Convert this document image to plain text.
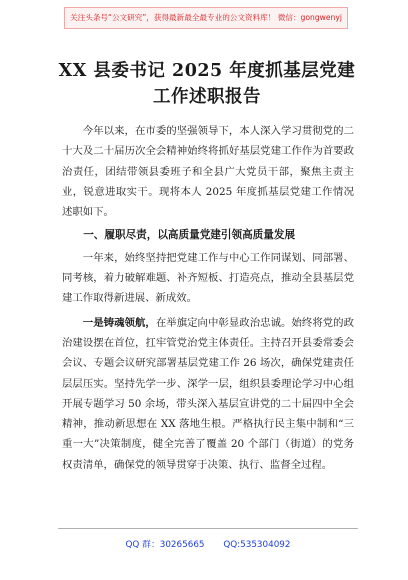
关注头条号“公文研究”，获得最新最全最专业的公文资料库！ 微信：gongwenyj
XX 县委书记 2025 年度抓基层党建工作述职报告

今年以来，在市委的坚强领导下，本人深入学习贯彻党的二十大及二十届历次全会精神始终将抓好基层党建工作作为首要政治责任，团结带领县委班子和全县广大党员干部，聚焦主责主业，锐意进取实干。现将本人 2025 年度抓基层党建工作情况述职如下。

一、履职尽责，以高质量党建引领高质量发展

一年来，始终坚持把党建工作与中心工作同谋划、同部署、同考核，着力破解难题、补齐短板、打造亮点，推动全县基层党建工作取得新进展、新成效。

一是铸魂领航，在举旗定向中彰显政治忠诚。始终将党的政治建设摆在首位，扛牢管党治党主体责任。主持召开县委常委会会议、专题会议研究部署基层党建工作 26 场次，确保党建责任层层压实。坚持先学一步、深学一层，组织县委理论学习中心组开展专题学习 50 余场，带头深入基层宣讲党的二十届四中全会精神，推动新思想在 XX 落地生根。严格执行民主集中制和“三重一大”决策制度，健全完善了覆盖 20 个部门（街道）的党务权责清单，确保党的领导贯穿于决策、执行、监督全过程。

QQ 群：30265665 QQ:535304092
